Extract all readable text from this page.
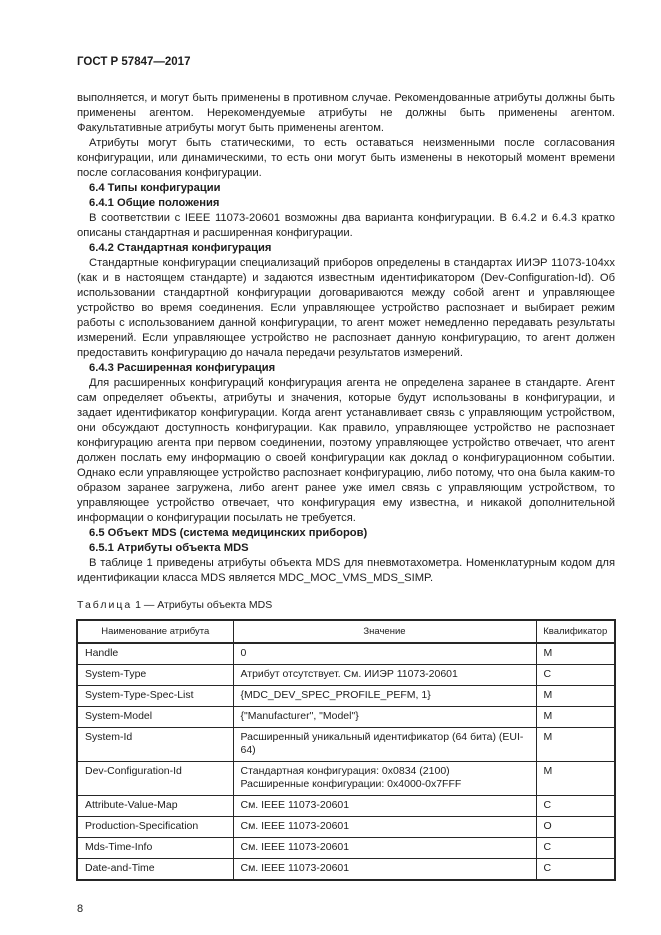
ГОСТ Р 57847—2017

выполняется, и могут быть применены в противном случае. Рекомендованные атрибуты должны быть применены агентом. Нерекомендуемые атрибуты не должны быть применены агентом. Факультативные атрибуты могут быть применены агентом.

Атрибуты могут быть статическими, то есть оставаться неизменными после согласования конфигурации, или динамическими, то есть они могут быть изменены в некоторый момент времени после согласования конфигурации.

6.4 Типы конфигурации

6.4.1 Общие положения

В соответствии с IEEE 11073-20601 возможны два варианта конфигурации. В 6.4.2 и 6.4.3 кратко описаны стандартная и расширенная конфигурации.

6.4.2 Стандартная конфигурация

Стандартные конфигурации специализаций приборов определены в стандартах ИИЭР 11073-104хх (как и в настоящем стандарте) и задаются известным идентификатором (Dev-Configuration-Id). Об использовании стандартной конфигурации договариваются между собой агент и управляющее устройство во время соединения. Если управляющее устройство распознает и выбирает режим работы с использованием данной конфигурации, то агент может немедленно передавать результаты измерений. Если управляющее устройство не распознает данную конфигурацию, то агент должен предоставить конфигурацию до начала передачи результатов измерений.

6.4.3 Расширенная конфигурация

Для расширенных конфигураций конфигурация агента не определена заранее в стандарте. Агент сам определяет объекты, атрибуты и значения, которые будут использованы в конфигурации, и задает идентификатор конфигурации. Когда агент устанавливает связь с управляющим устройством, они обсуждают доступность конфигурации. Как правило, управляющее устройство не распознает конфигурацию агента при первом соединении, поэтому управляющее устройство отвечает, что агент должен послать ему информацию о своей конфигурации как доклад о конфигурационном событии. Однако если управляющее устройство распознает конфигурацию, либо потому, что она была каким-то образом заранее загружена, либо агент ранее уже имел связь с управляющим устройством, то управляющее устройство отвечает, что конфигурация ему известна, и никакой дополнительной информации о конфигурации посылать не требуется.

6.5 Объект MDS (система медицинских приборов)

6.5.1 Атрибуты объекта MDS

В таблице 1 приведены атрибуты объекта MDS для пневмотахометра. Номенклатурным кодом для идентификации класса MDS является MDC_MOC_VMS_MDS_SIMP.

Таблица 1 — Атрибуты объекта MDS
Наименование атрибута	Значение	Квалификатор
Handle	0	M
System-Type	Атрибут отсутствует. См. ИИЭР 11073-20601	C
System-Type-Spec-List	{MDC_DEV_SPEC_PROFILE_PEFM, 1}	M
System-Model	{"Manufacturer", "Model"}	M
System-Id	Расширенный уникальный идентификатор (64 бита) (EUI-64)	M
Dev-Configuration-Id	Стандартная конфигурация: 0x0834 (2100)
Расширенные конфигурации: 0x4000-0x7FFF	M
Attribute-Value-Map	См. IEEE 11073-20601	C
Production-Specification	См. IEEE 11073-20601	O
Mds-Time-Info	См. IEEE 11073-20601	C
Date-and-Time	См. IEEE 11073-20601	C
8
